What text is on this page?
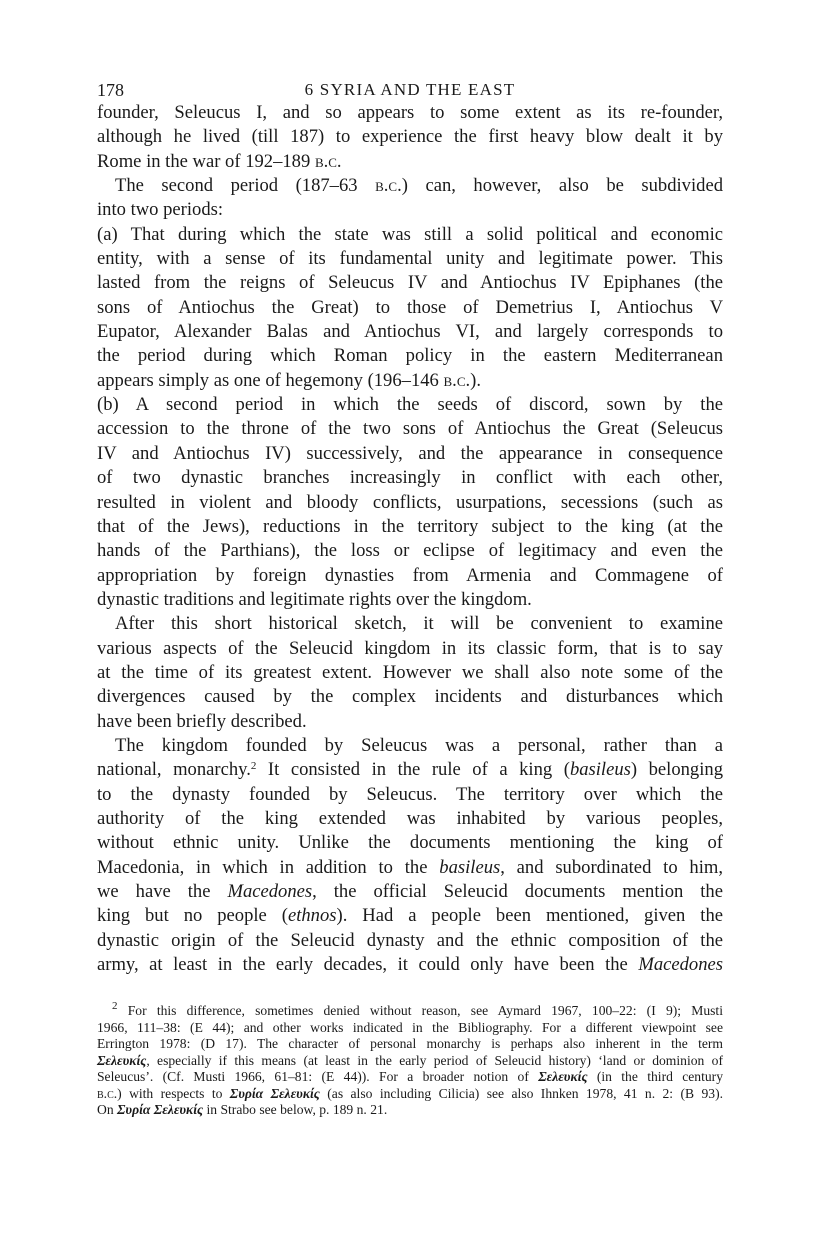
178	6 SYRIA AND THE EAST
founder, Seleucus I, and so appears to some extent as its re-founder,
although he lived (till 187) to experience the first heavy blow dealt it by
Rome in the war of 192–189 b.c.
The second period (187–63 b.c.) can, however, also be subdivided
into two periods:
(a) That during which the state was still a solid political and economic
entity, with a sense of its fundamental unity and legitimate power. This
lasted from the reigns of Seleucus IV and Antiochus IV Epiphanes (the
sons of Antiochus the Great) to those of Demetrius I, Antiochus V
Eupator, Alexander Balas and Antiochus VI, and largely corresponds to
the period during which Roman policy in the eastern Mediterranean
appears simply as one of hegemony (196–146 b.c.).
(b) A second period in which the seeds of discord, sown by the
accession to the throne of the two sons of Antiochus the Great (Seleucus
IV and Antiochus IV) successively, and the appearance in consequence
of two dynastic branches increasingly in conflict with each other,
resulted in violent and bloody conflicts, usurpations, secessions (such as
that of the Jews), reductions in the territory subject to the king (at the
hands of the Parthians), the loss or eclipse of legitimacy and even the
appropriation by foreign dynasties from Armenia and Commagene of
dynastic traditions and legitimate rights over the kingdom.
After this short historical sketch, it will be convenient to examine
various aspects of the Seleucid kingdom in its classic form, that is to say
at the time of its greatest extent. However we shall also note some of the
divergences caused by the complex incidents and disturbances which
have been briefly described.
The kingdom founded by Seleucus was a personal, rather than a
national, monarchy.$^2$ It consisted in the rule of a king (basileus) belonging
to the dynasty founded by Seleucus. The territory over which the
authority of the king extended was inhabited by various peoples,
without ethnic unity. Unlike the documents mentioning the king of
Macedonia, in which in addition to the basileus, and subordinated to him,
we have the Macedones, the official Seleucid documents mention the
king but no people (ethnos). Had a people been mentioned, given the
dynastic origin of the Seleucid dynasty and the ethnic composition of the
army, at least in the early decades, it could only have been the Macedones
$^2$ For this difference, sometimes denied without reason, see Aymard 1967, 100–22: (I 9); Musti
1966, 111–38: (E 44); and other works indicated in the Bibliography. For a different viewpoint see
Errington 1978: (D 17). The character of personal monarchy is perhaps also inherent in the term
Σελευκίς, especially if this means (at least in the early period of Seleucid history) ‘land or dominion of
Seleucus’. (Cf. Musti 1966, 61–81: (E 44)). For a broader notion of Σελευκίς (in the third century
b.c.) with respects to Συρία Σελευκίς (as also including Cilicia) see also Ihnken 1978, 41 n. 2: (B 93).
On Συρία Σελευκίς in Strabo see below, p. 189 n. 21.
